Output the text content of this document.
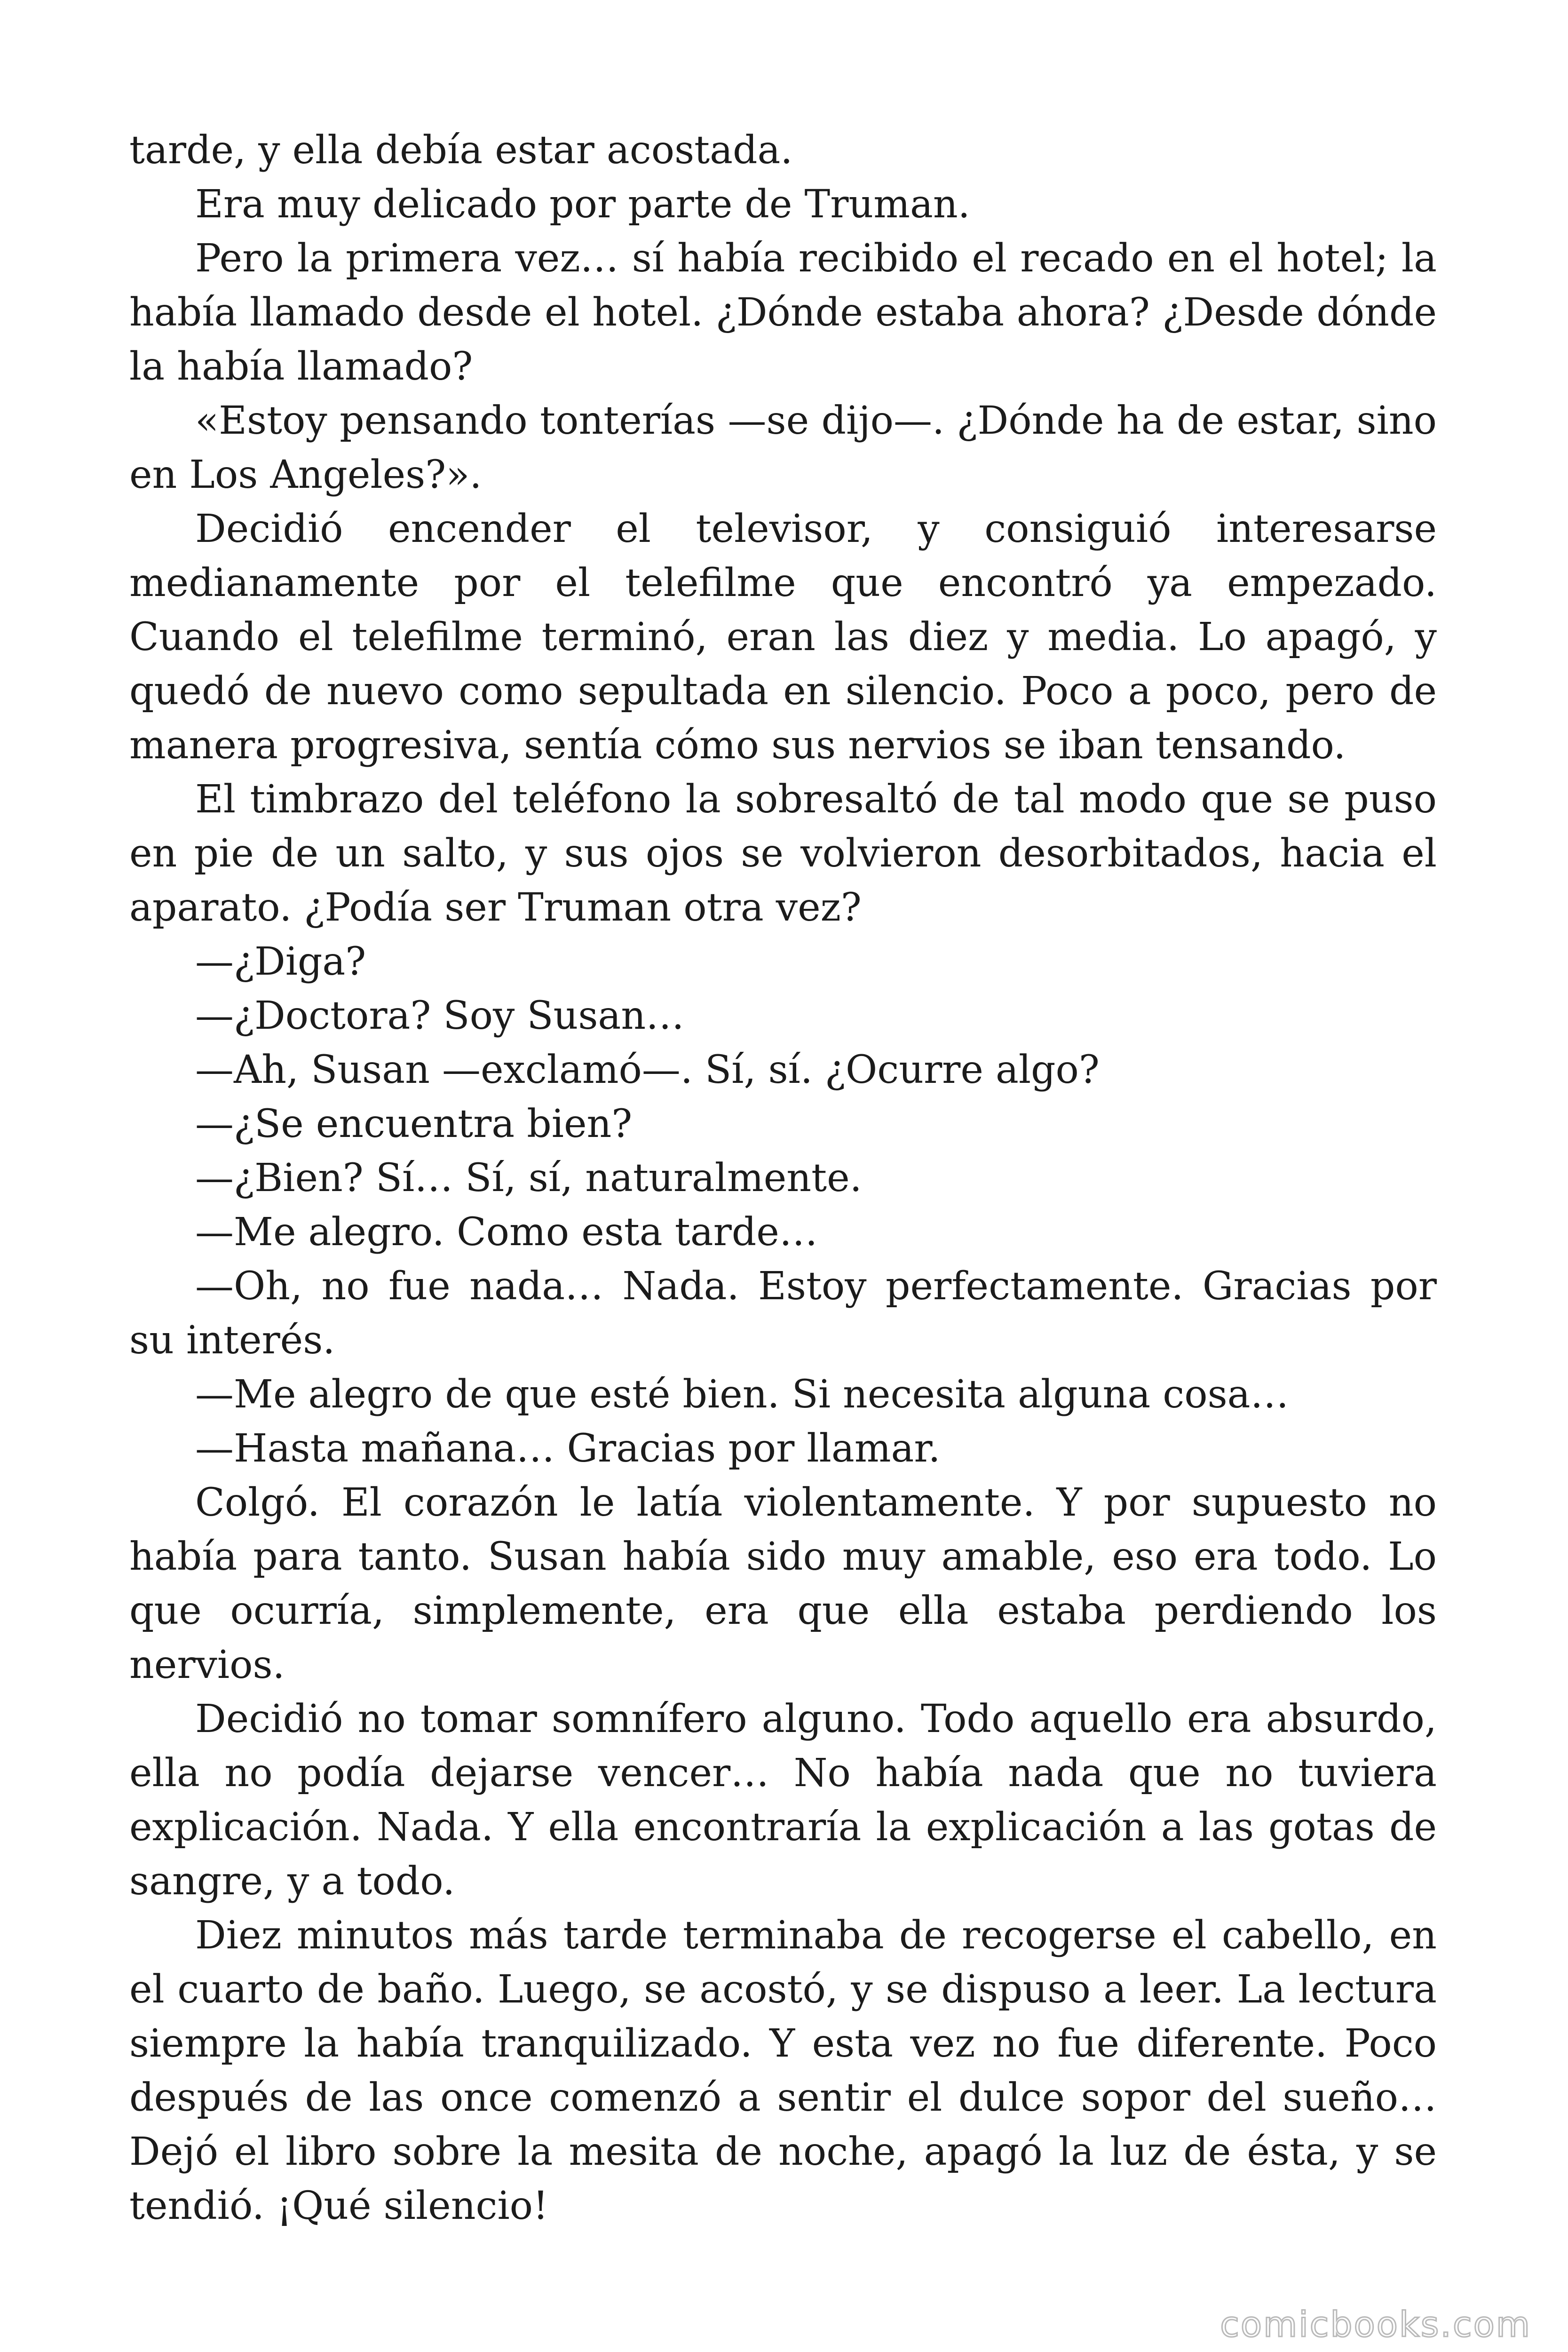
tarde, y ella debía estar acostada.

Era muy delicado por parte de Truman.

Pero la primera vez… sí había recibido el recado en el hotel; la había llamado desde el hotel. ¿Dónde estaba ahora? ¿Desde dónde la había llamado?

«Estoy pensando tonterías —se dijo—. ¿Dónde ha de estar, sino en Los Angeles?».

Decidió encender el televisor, y consiguió interesarse medianamente por el telefilme que encontró ya empezado. Cuando el telefilme terminó, eran las diez y media. Lo apagó, y quedó de nuevo como sepultada en silencio. Poco a poco, pero de manera progresiva, sentía cómo sus nervios se iban tensando.

El timbrazo del teléfono la sobresaltó de tal modo que se puso en pie de un salto, y sus ojos se volvieron desorbitados, hacia el aparato. ¿Podía ser Truman otra vez?

—¿Diga?

—¿Doctora? Soy Susan…

—Ah, Susan —exclamó—. Sí, sí. ¿Ocurre algo?

—¿Se encuentra bien?

—¿Bien? Sí… Sí, sí, naturalmente.

—Me alegro. Como esta tarde…

—Oh, no fue nada… Nada. Estoy perfectamente. Gracias por su interés.

—Me alegro de que esté bien. Si necesita alguna cosa…

—Hasta mañana… Gracias por llamar.

Colgó. El corazón le latía violentamente. Y por supuesto no había para tanto. Susan había sido muy amable, eso era todo. Lo que ocurría, simplemente, era que ella estaba perdiendo los nervios.

Decidió no tomar somnífero alguno. Todo aquello era absurdo, ella no podía dejarse vencer… No había nada que no tuviera explicación. Nada. Y ella encontraría la explicación a las gotas de sangre, y a todo.

Diez minutos más tarde terminaba de recogerse el cabello, en el cuarto de baño. Luego, se acostó, y se dispuso a leer. La lectura siempre la había tranquilizado. Y esta vez no fue diferente. Poco después de las once comenzó a sentir el dulce sopor del sueño… Dejó el libro sobre la mesita de noche, apagó la luz de ésta, y se tendió. ¡Qué silencio!

comicbooks.com
